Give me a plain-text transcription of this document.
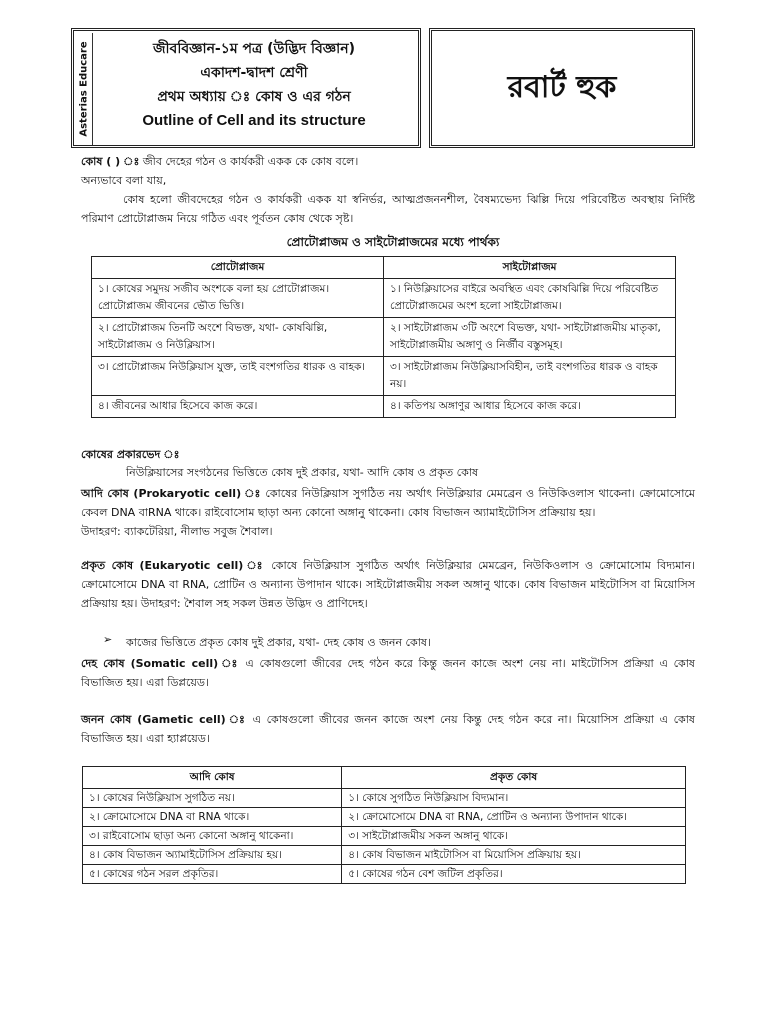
Asterias Educare	জীববিজ্ঞান-১ম পত্র (উদ্ভিদ বিজ্ঞান)
একাদশ-দ্বাদশ শ্রেণী
প্রথম অধ্যায় ঃ কোষ ও এর গঠন
Outline of Cell and its structure
রবার্ট হুক
কোষ ( ) ঃ জীব দেহের গঠন ও কার্যকরী একক কে কোষ বলে।
অন্যভাবে বলা যায়,
কোষ হলো জীবদেহের গঠন ও কার্যকরী একক যা স্বনির্ভর, আত্মপ্রজননশীল, বৈষম্যভেদ্য ঝিল্লি দিয়ে পরিবেষ্টিত অবস্থায় নির্দিষ্ট পরিমাণ প্রোটোপ্লাজম নিয়ে গঠিত এবং পূর্বতন কোষ থেকে সৃষ্ট।
প্রোটোপ্লাজম ও সাইটোপ্লাজমের মধ্যে পার্থক্য
প্রোটোপ্লাজম	সাইটোপ্লাজম
১। কোষের সমুদয় সজীব অংশকে বলা হয় প্রোটোপ্লাজম। প্রোটোপ্লাজম জীবনের ভৌত ভিত্তি।	১। নিউক্লিয়াসের বাইরে অবস্থিত এবং কোষঝিল্লি দিয়ে পরিবেষ্টিত প্রোটোপ্লাজমের অংশ হলো সাইটোপ্লাজম।
২। প্রোটোপ্লাজম তিনটি অংশে বিভক্ত, যথা- কোষঝিল্লি, সাইটোপ্লাজম ও নিউক্লিয়াস।	২। সাইটোপ্লাজম ৩টি অংশে বিভক্ত, যথা- সাইটোপ্লাজমীয় মাতৃকা, সাইটোপ্লাজমীয় অঙ্গাণু ও নির্জীব বস্তুসমূহ।
৩। প্রোটোপ্লাজম নিউক্লিয়াস যুক্ত, তাই বংশগতির ধারক ও বাহক।	৩। সাইটোপ্লাজম নিউক্লিয়াসবিহীন, তাই বংশগতির ধারক ও বাহক নয়।
৪। জীবনের আধার হিসেবে কাজ করে।	৪। কতিপয় অঙ্গাণুর আধার হিসেবে কাজ করে।
কোষের প্রকারভেদ ঃ
নিউক্লিয়াসের সংগঠনের ভিত্তিতে কোষ দুই প্রকার, যথা- আদি কোষ ও প্রকৃত কোষ
আদি কোষ (Prokaryotic cell) ঃ কোষের নিউক্লিয়াস সুগঠিত নয় অর্থাৎ নিউক্লিয়ার মেমব্রেন ও নিউকিওলাস থাকেনা। ক্রোমোসোমে কেবল DNA বাRNA থাকে। রাইবোসোম ছাড়া অন্য কোনো অঙ্গানু থাকেনা। কোষ বিভাজন অ্যামাইটোসিস প্রক্রিয়ায় হয়।
উদাহরণ: ব্যাকটেরিয়া, নীলাভ সবুজ শৈবাল।
প্রকৃত কোষ (Eukaryotic cell) ঃ কোষে নিউক্লিয়াস সুগঠিত অর্থাৎ নিউক্লিয়ার মেমব্রেন, নিউকিওলাস ও ক্রোমোসোম বিদ্যমান। ক্রোমোসোমে DNA বা RNA, প্রোটিন ও অন্যান্য উপাদান থাকে। সাইটোপ্লাজমীয় সকল অঙ্গানু থাকে। কোষ বিভাজন মাইটোসিস বা মিয়োসিস প্রক্রিয়ায় হয়। উদাহরণ: শৈবাল সহ সকল উন্নত উদ্ভিদ ও প্রাণিদেহ।
➢ কাজের ভিত্তিতে প্রকৃত কোষ দুই প্রকার, যথা- দেহ কোষ ও জনন কোষ।
দেহ কোষ (Somatic cell) ঃ এ কোষগুলো জীবের দেহ গঠন করে কিন্তু জনন কাজে অংশ নেয় না। মাইটোসিস প্রক্রিয়া এ কোষ বিভাজিত হয়। এরা ডিপ্লয়েড।
জনন কোষ (Gametic cell) ঃ এ কোষগুলো জীবের জনন কাজে অংশ নেয় কিন্তু দেহ গঠন করে না। মিয়োসিস প্রক্রিয়া এ কোষ বিভাজিত হয়। এরা হ্যাপ্লয়েড।
আদি কোষ	প্রকৃত কোষ
১। কোষের নিউক্লিয়াস সুগঠিত নয়।	১। কোষে সুগঠিত নিউক্লিয়াস বিদ্যমান।
২। ক্রোমোসোমে DNA বা RNA থাকে।	২। ক্রোমোসোমে DNA বা RNA, প্রোটিন ও অন্যান্য উপাদান থাকে।
৩। রাইবোসোম ছাড়া অন্য কোনো অঙ্গানু থাকেনা।	৩। সাইটোপ্লাজমীয় সকল অঙ্গানু থাকে।
৪। কোষ বিভাজন অ্যামাইটোসিস প্রক্রিয়ায় হয়।	৪। কোষ বিভাজন মাইটোসিস বা মিয়োসিস প্রক্রিয়ায় হয়।
৫। কোষের গঠন সরল প্রকৃতির।	৫। কোষের গঠন বেশ জটিল প্রকৃতির।
